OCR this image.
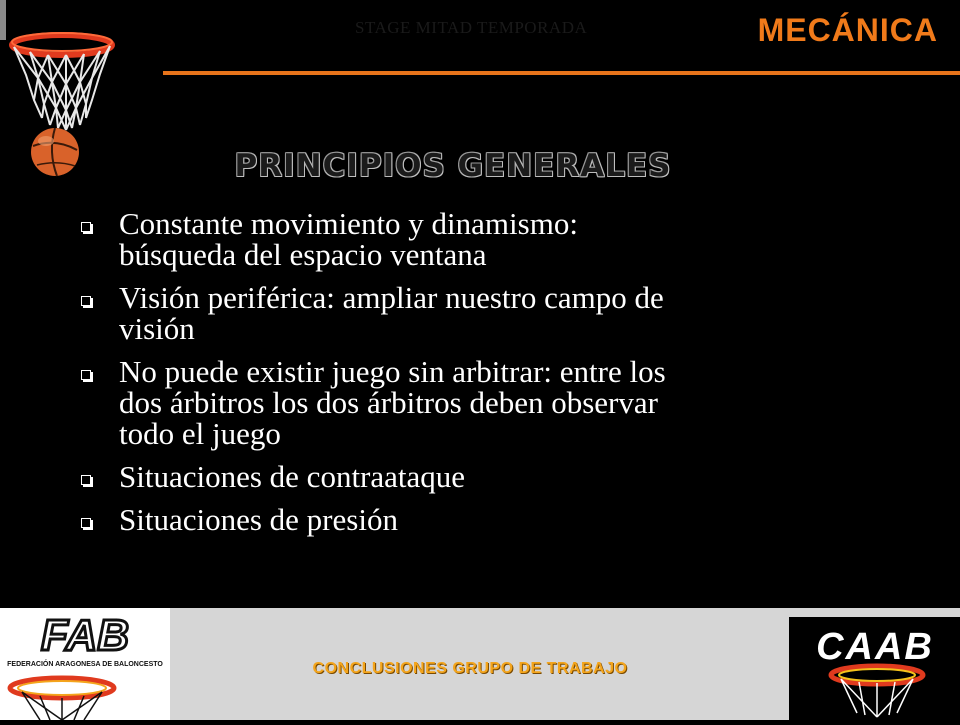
STAGE MITAD TEMPORADA	MECÁNICA
PRINCIPIOS GENERALES
Constante movimiento y dinamismo:
búsqueda del espacio ventana
Visión periférica: ampliar nuestro campo de
visión
No puede existir juego sin arbitrar: entre los
dos árbitros los dos árbitros deben observar
todo el juego
Situaciones de contraataque
Situaciones de presión
FAB
FEDERACIÓN ARAGONESA DE BALONCESTO	CAAB
CONCLUSIONES GRUPO DE TRABAJO
